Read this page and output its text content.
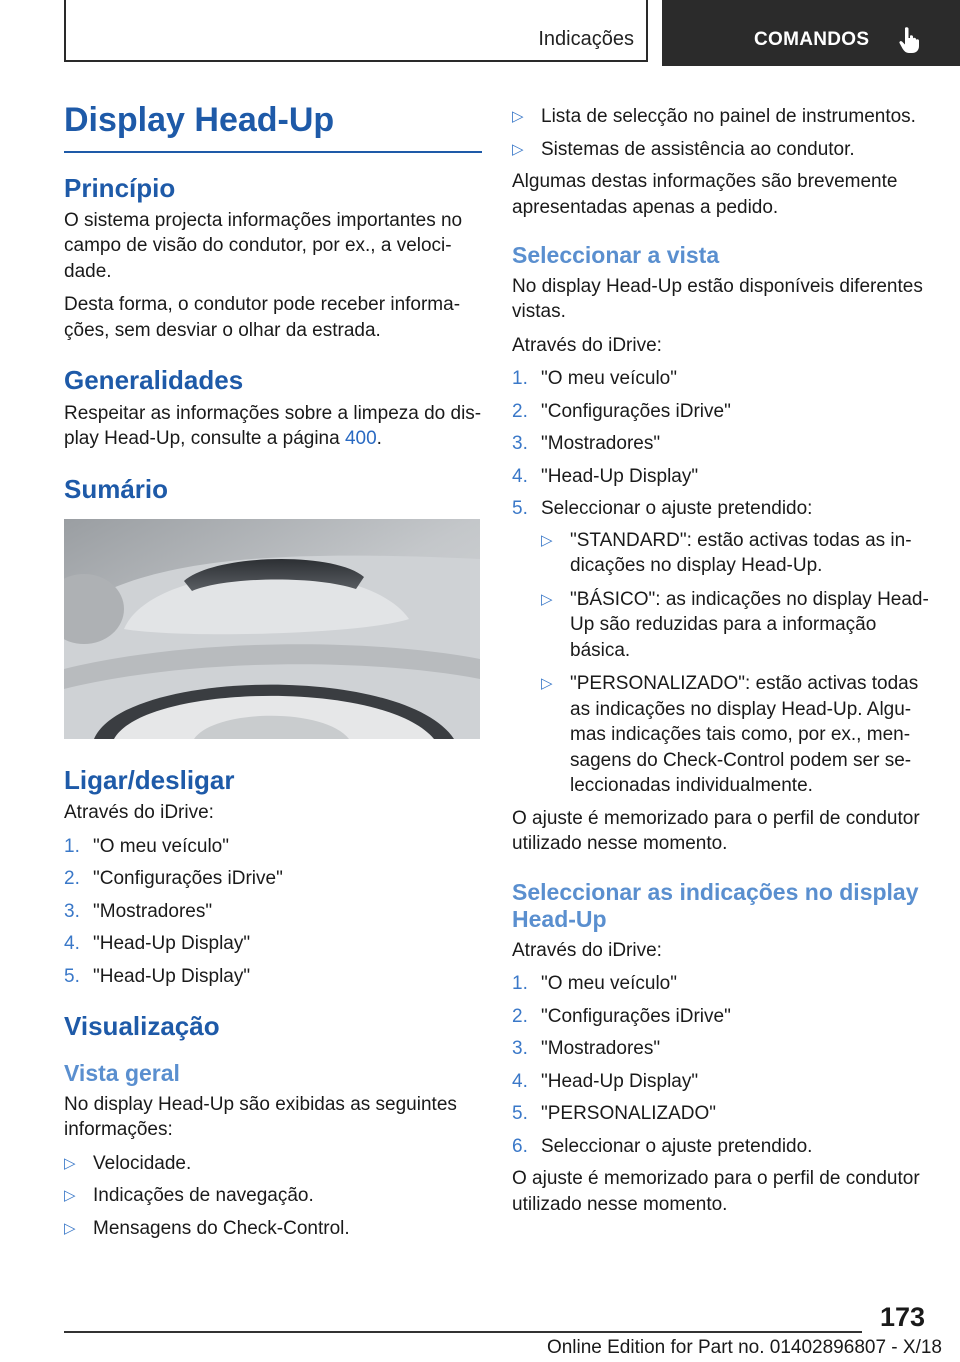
Indicações	COMANDOS
Display Head-Up
Princípio

O sistema projecta informações importantes no campo de visão do condutor, por ex., a veloci-dade.

Desta forma, o condutor pode receber informa-ções, sem desviar o olhar da estrada.

Generalidades

Respeitar as informações sobre a limpeza do dis-play Head-Up, consulte a página 400.

Sumário
Ligar/desligar

Através do iDrive:

1. "O meu veículo"
2. "Configurações iDrive"
3. "Mostradores"
4. "Head-Up Display"
5. "Head-Up Display"
Visualização
Vista geral

No display Head-Up são exibidas as seguintes informações:

▷ Velocidade.
▷ Indicações de navegação.
▷ Mensagens do Check-Control.
▷ Lista de selecção no painel de instrumentos.
▷ Sistemas de assistência ao condutor.

Algumas destas informações são brevemente apresentadas apenas a pedido.

Seleccionar a vista

No display Head-Up estão disponíveis diferentes vistas.

Através do iDrive:

1. "O meu veículo"
2. "Configurações iDrive"
3. "Mostradores"
4. "Head-Up Display"
5. Seleccionar o ajuste pretendido:
▷ "STANDARD": estão activas todas as in-dicações no display Head-Up.
▷ "BÁSICO": as indicações no display Head-Up são reduzidas para a informação básica.
▷ "PERSONALIZADO": estão activas todas as indicações no display Head-Up. Algu-mas indicações tais como, por ex., men-sagens do Check-Control podem ser se-leccionadas individualmente.

O ajuste é memorizado para o perfil de condutor utilizado nesse momento.

Seleccionar as indicações no display Head-Up

Através do iDrive:

1. "O meu veículo"
2. "Configurações iDrive"
3. "Mostradores"
4. "Head-Up Display"
5. "PERSONALIZADO"
6. Seleccionar o ajuste pretendido.

O ajuste é memorizado para o perfil de condutor utilizado nesse momento.

173
Online Edition for Part no. 01402896807 - X/18
